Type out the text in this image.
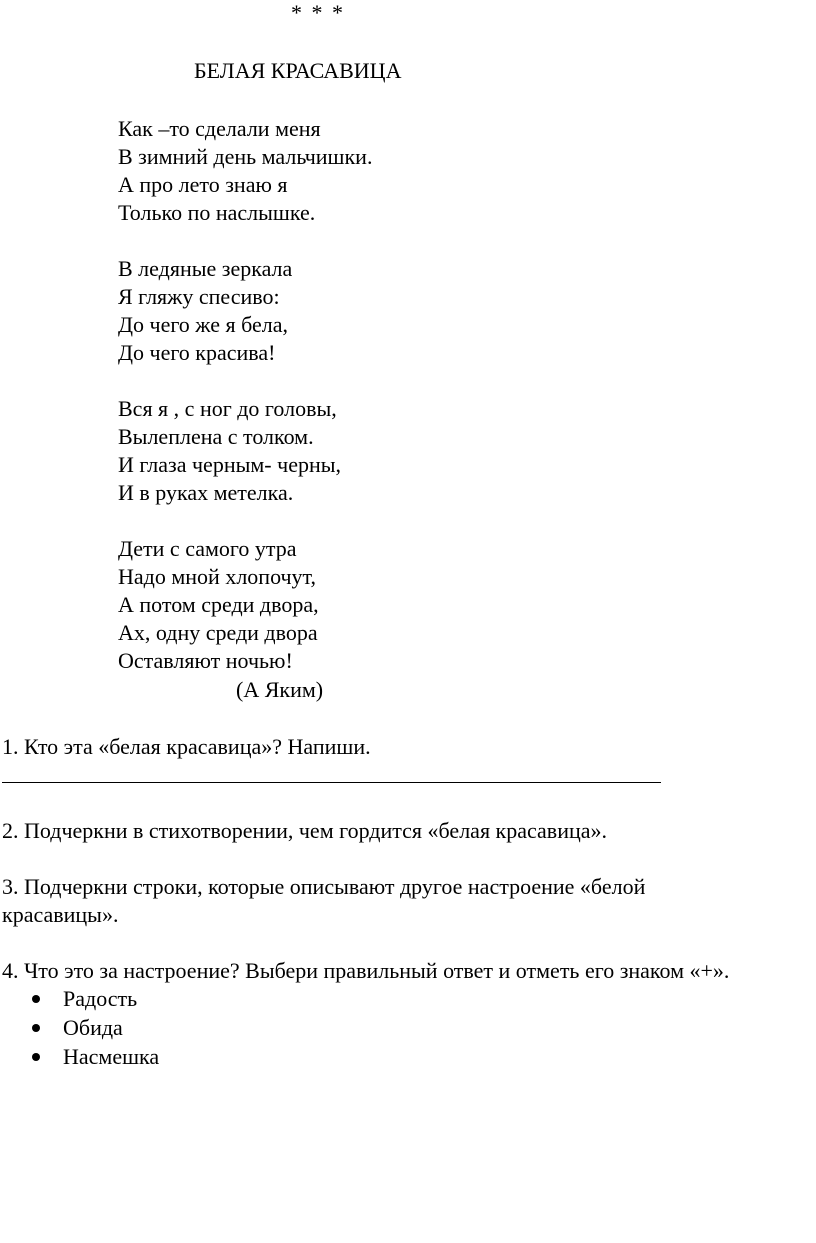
* * *
БЕЛАЯ КРАСАВИЦА
Как –то сделали меня
В зимний день мальчишки.
А про лето знаю я
Только по наслышке.
В ледяные зеркала
Я гляжу спесиво:
До чего же я бела,
До чего красива!
Вся я , с ног до головы,
Вылеплена с толком.
И глаза черным- черны,
И в руках метелка.
Дети с самого утра
Надо мной хлопочут,
А потом среди двора,
Ах, одну среди двора
Оставляют ночью!
(А Яким)
1. Кто эта «белая красавица»? Напиши.
2. Подчеркни в стихотворении, чем гордится «белая красавица».
3. Подчеркни строки, которые описывают другое настроение «белой
красавицы».
4. Что это за настроение? Выбери правильный ответ и отметь его знаком «+».
Радость
Обида
Насмешка
